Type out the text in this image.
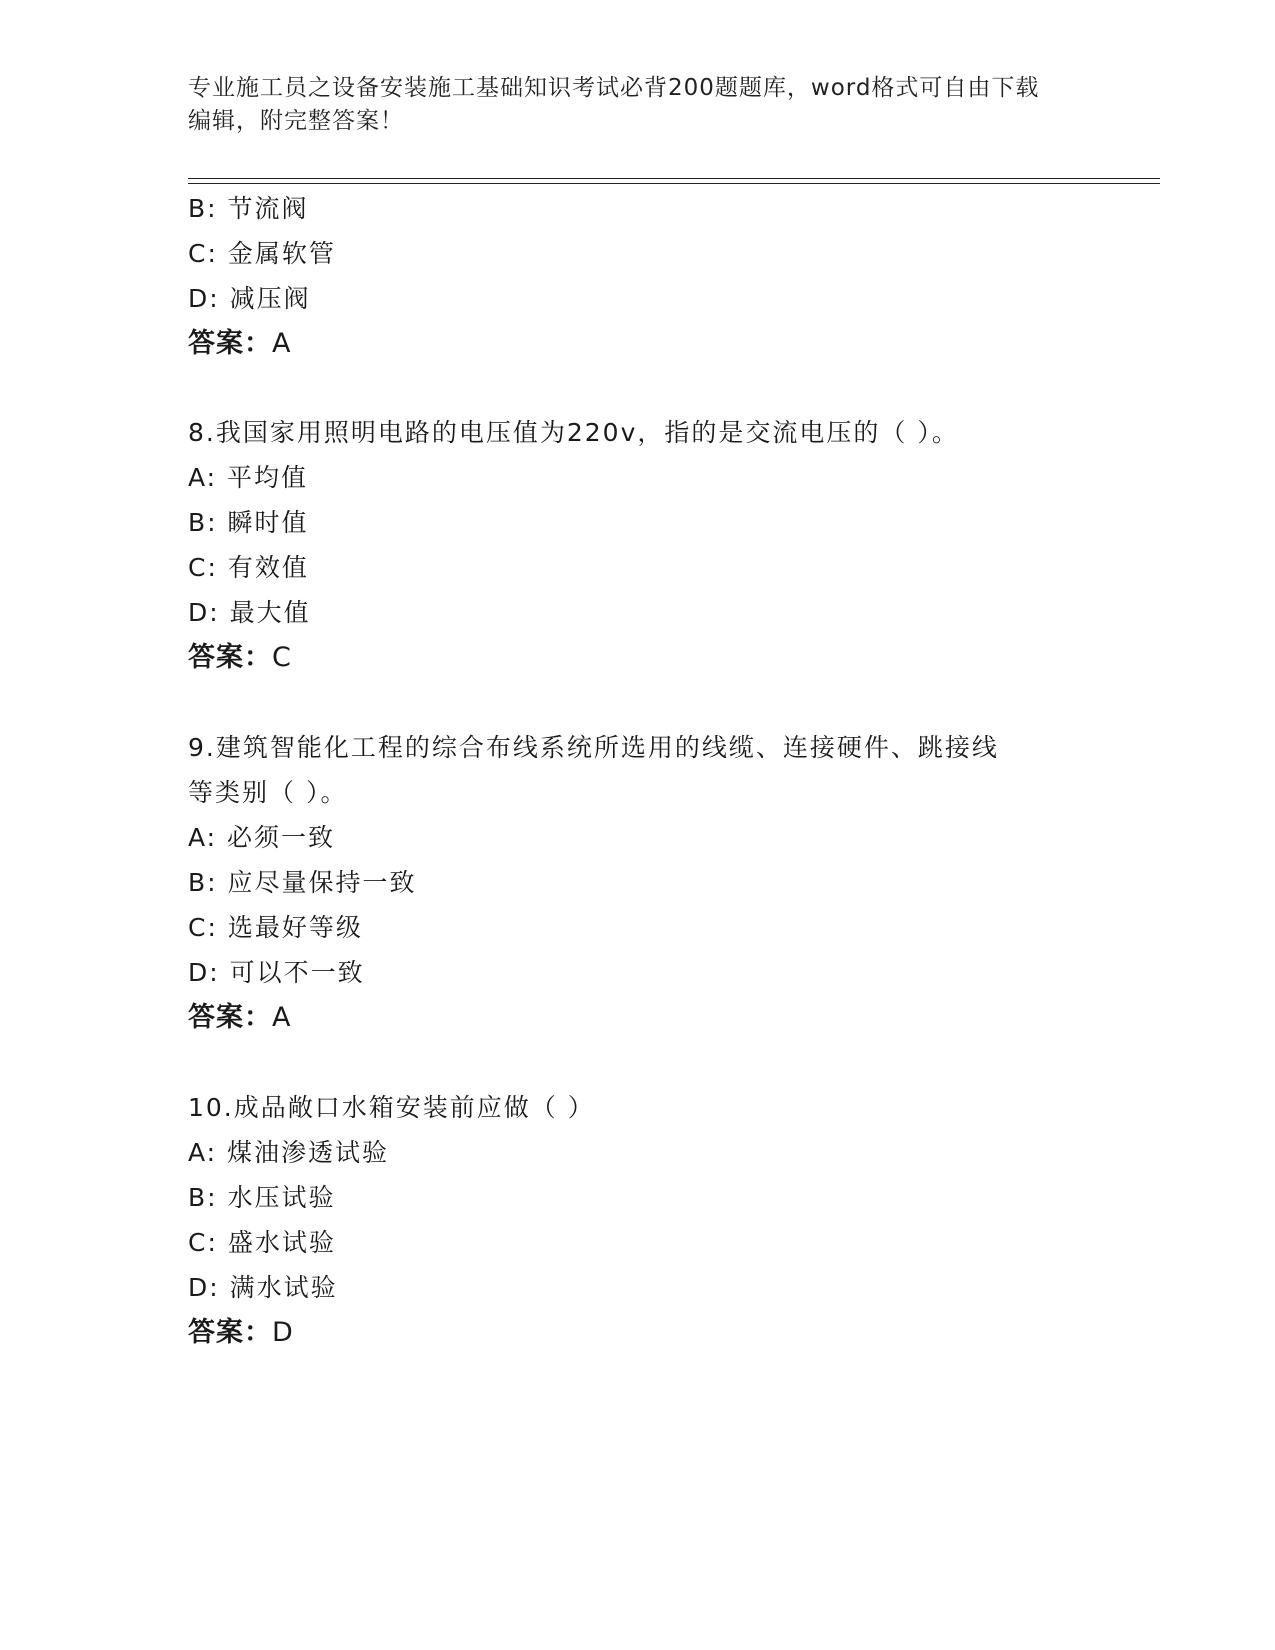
专业施工员之设备安装施工基础知识考试必背200题题库，word格式可自由下载
编辑，附完整答案！
B: 节流阀
C: 金属软管
D: 减压阀
答案：A
8.我国家用照明电路的电压值为220v，指的是交流电压的（ ）。
A: 平均值
B: 瞬时值
C: 有效值
D: 最大值
答案：C
9.建筑智能化工程的综合布线系统所选用的线缆、连接硬件、跳接线
等类别（ ）。
A: 必须一致
B: 应尽量保持一致
C: 选最好等级
D: 可以不一致
答案：A
10.成品敞口水箱安装前应做（ ）
A: 煤油渗透试验
B: 水压试验
C: 盛水试验
D: 满水试验
答案：D
